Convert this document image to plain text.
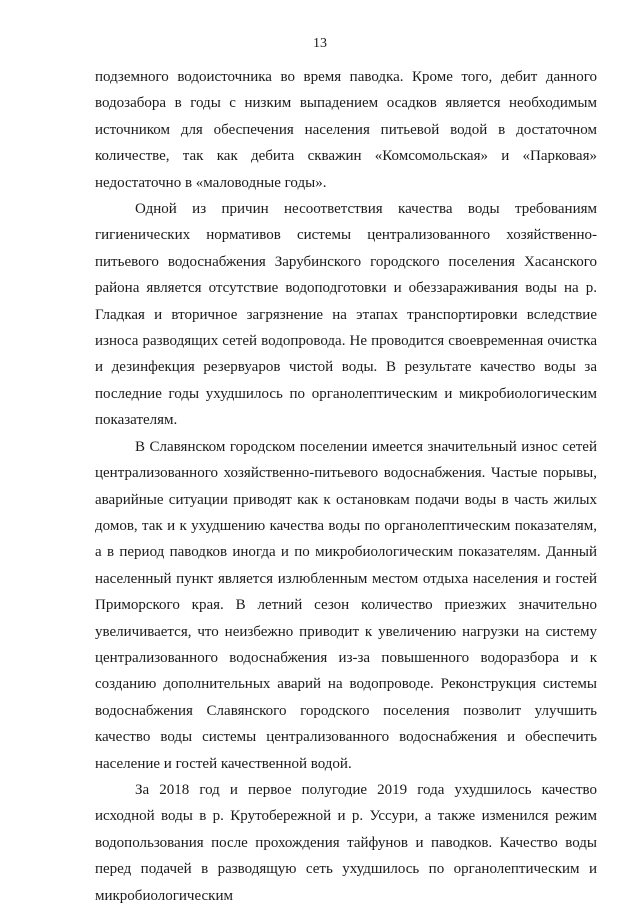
13

подземного водоисточника во время паводка. Кроме того, дебит данного водозабора в годы с низким выпадением осадков является необходимым источником для обеспечения населения питьевой водой в достаточном количестве, так как дебита скважин «Комсомольская» и «Парковая» недостаточно в «маловодные годы».

Одной из причин несоответствия качества воды требованиям гигиенических нормативов системы централизованного хозяйственно-питьевого водоснабжения Зарубинского городского поселения Хасанского района является отсутствие водоподготовки и обеззараживания воды на р. Гладкая и вторичное загрязнение на этапах транспортировки вследствие износа разводящих сетей водопровода. Не проводится своевременная очистка и дезинфекция резервуаров чистой воды. В результате качество воды за последние годы ухудшилось по органолептическим и микробиологическим показателям.

В Славянском городском поселении имеется значительный износ сетей централизованного хозяйственно-питьевого водоснабжения. Частые порывы, аварийные ситуации приводят как к остановкам подачи воды в часть жилых домов, так и к ухудшению качества воды по органолептическим показателям, а в период паводков иногда и по микробиологическим показателям. Данный населенный пункт является излюбленным местом отдыха населения и гостей Приморского края. В летний сезон количество приезжих значительно увеличивается, что неизбежно приводит к увеличению нагрузки на систему централизованного водоснабжения из-за повышенного водоразбора и к созданию дополнительных аварий на водопроводе. Реконструкция системы водоснабжения Славянского городского поселения позволит улучшить качество воды системы централизованного водоснабжения и обеспечить население и гостей качественной водой.

За 2018 год и первое полугодие 2019 года ухудшилось качество исходной воды в р. Крутобережной и р. Уссури, а также изменился режим водопользования после прохождения тайфунов и паводков. Качество воды перед подачей в разводящую сеть ухудшилось по органолептическим и микробиологическим
